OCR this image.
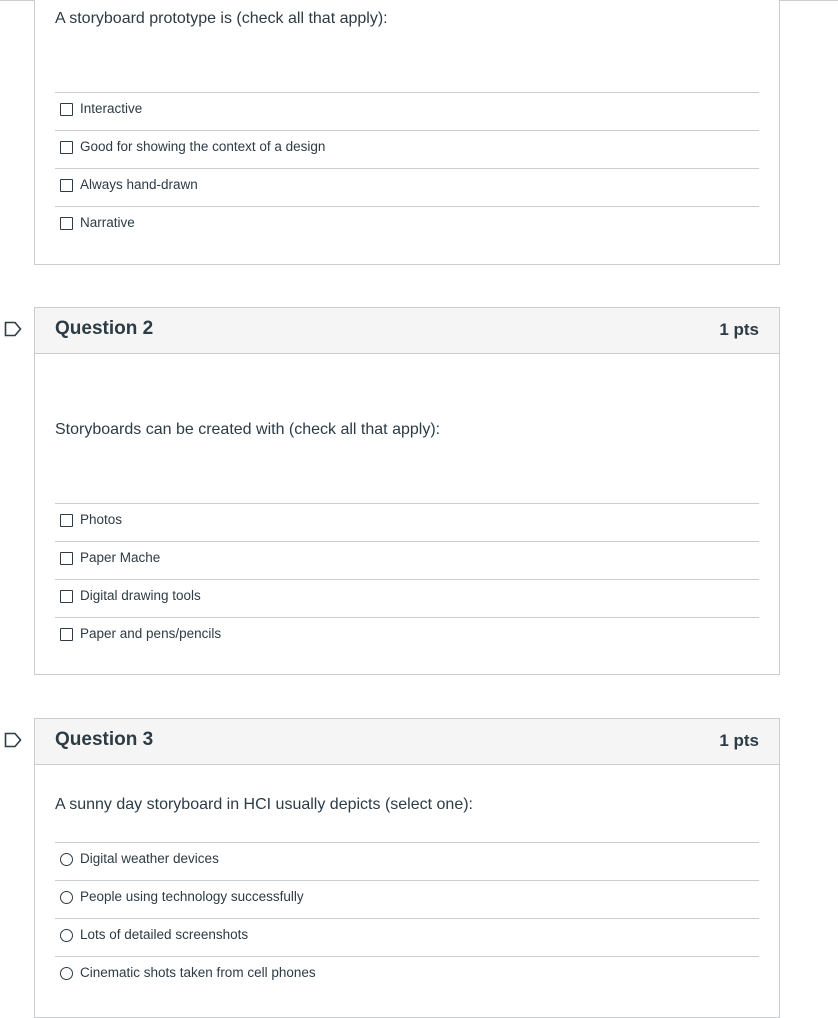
A storyboard prototype is (check all that apply):
Interactive
Good for showing the context of a design
Always hand-drawn
Narrative
Question 2	1 pts
Storyboards can be created with (check all that apply):
Photos
Paper Mache
Digital drawing tools
Paper and pens/pencils
Question 3	1 pts
A sunny day storyboard in HCI usually depicts (select one):
Digital weather devices
People using technology successfully
Lots of detailed screenshots
Cinematic shots taken from cell phones
